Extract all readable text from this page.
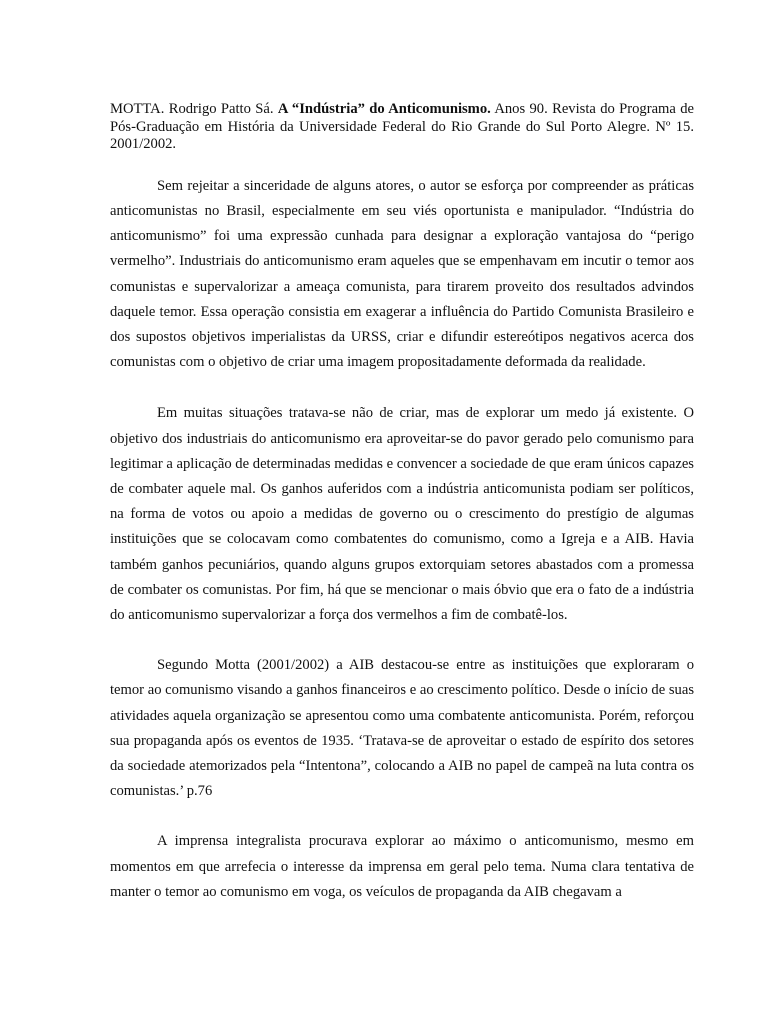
MOTTA. Rodrigo Patto Sá. A “Indústria” do Anticomunismo. Anos 90. Revista do Programa de Pós-Graduação em História da Universidade Federal do Rio Grande do Sul Porto Alegre. Nº 15. 2001/2002.

Sem rejeitar a sinceridade de alguns atores, o autor se esforça por compreender as práticas anticomunistas no Brasil, especialmente em seu viés oportunista e manipulador. “Indústria do anticomunismo” foi uma expressão cunhada para designar a exploração vantajosa do “perigo vermelho”. Industriais do anticomunismo eram aqueles que se empenhavam em incutir o temor aos comunistas e supervalorizar a ameaça comunista, para tirarem proveito dos resultados advindos daquele temor. Essa operação consistia em exagerar a influência do Partido Comunista Brasileiro e dos supostos objetivos imperialistas da URSS, criar e difundir estereótipos negativos acerca dos comunistas com o objetivo de criar uma imagem propositadamente deformada da realidade.

Em muitas situações tratava-se não de criar, mas de explorar um medo já existente. O objetivo dos industriais do anticomunismo era aproveitar-se do pavor gerado pelo comunismo para legitimar a aplicação de determinadas medidas e convencer a sociedade de que eram únicos capazes de combater aquele mal. Os ganhos auferidos com a indústria anticomunista podiam ser políticos, na forma de votos ou apoio a medidas de governo ou o crescimento do prestígio de algumas instituições que se colocavam como combatentes do comunismo, como a Igreja e a AIB. Havia também ganhos pecuniários, quando alguns grupos extorquiam setores abastados com a promessa de combater os comunistas. Por fim, há que se mencionar o mais óbvio que era o fato de a indústria do anticomunismo supervalorizar a força dos vermelhos a fim de combatê-los.

Segundo Motta (2001/2002) a AIB destacou-se entre as instituições que exploraram o temor ao comunismo visando a ganhos financeiros e ao crescimento político. Desde o início de suas atividades aquela organização se apresentou como uma combatente anticomunista. Porém, reforçou sua propaganda após os eventos de 1935. ‘Tratava-se de aproveitar o estado de espírito dos setores da sociedade atemorizados pela “Intentona”, colocando a AIB no papel de campeã na luta contra os comunistas.’ p.76

A imprensa integralista procurava explorar ao máximo o anticomunismo, mesmo em momentos em que arrefecia o interesse da imprensa em geral pelo tema. Numa clara tentativa de manter o temor ao comunismo em voga, os veículos de propaganda da AIB chegavam a
